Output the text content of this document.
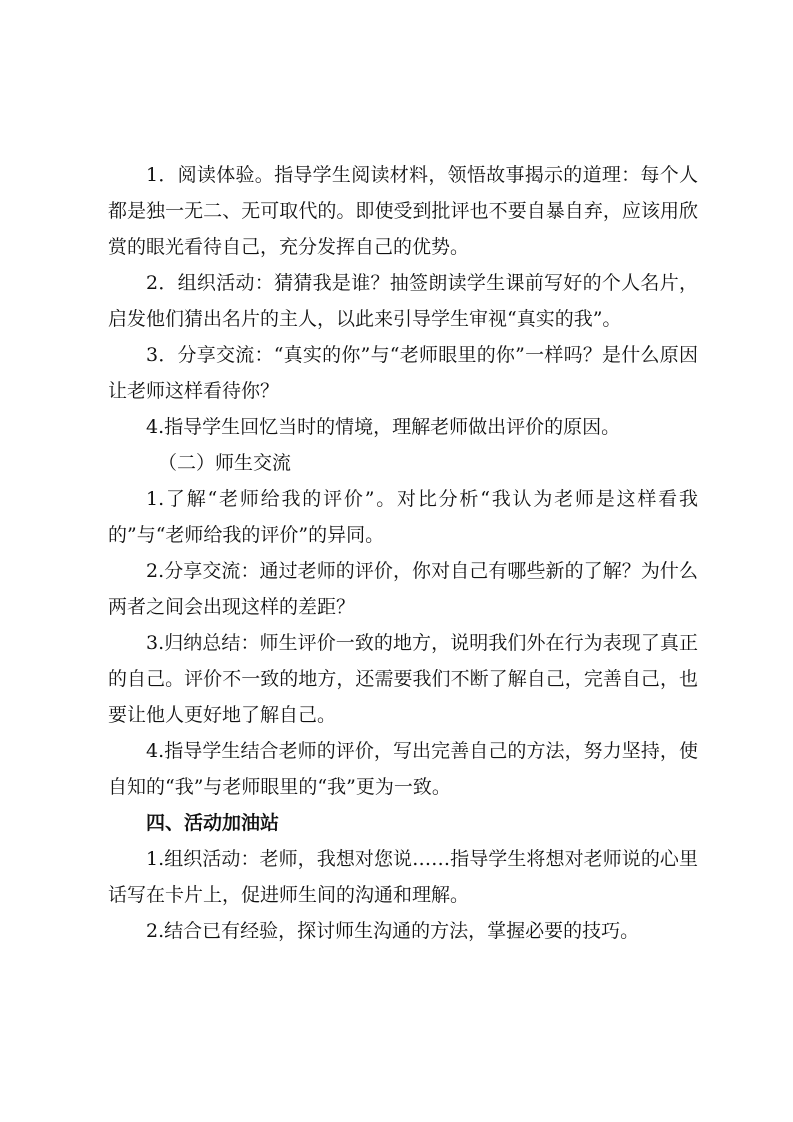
1．阅读体验。指导学生阅读材料，领悟故事揭示的道理：每个人都是独一无二、无可取代的。即使受到批评也不要自暴自弃，应该用欣赏的眼光看待自己，充分发挥自己的优势。

2．组织活动：猜猜我是谁？抽签朗读学生课前写好的个人名片，启发他们猜出名片的主人，以此来引导学生审视“真实的我”。

3．分享交流：“真实的你”与“老师眼里的你”一样吗？是什么原因让老师这样看待你？

4.指导学生回忆当时的情境，理解老师做出评价的原因。

（二）师生交流

1.了解“老师给我的评价”。对比分析“我认为老师是这样看我的”与“老师给我的评价”的异同。

2.分享交流：通过老师的评价，你对自己有哪些新的了解？为什么两者之间会出现这样的差距？

3.归纳总结：师生评价一致的地方，说明我们外在行为表现了真正的自己。评价不一致的地方，还需要我们不断了解自己，完善自己，也要让他人更好地了解自己。

4.指导学生结合老师的评价，写出完善自己的方法，努力坚持，使自知的“我”与老师眼里的“我”更为一致。

四、活动加油站

1.组织活动：老师，我想对您说……指导学生将想对老师说的心里话写在卡片上，促进师生间的沟通和理解。

2.结合已有经验，探讨师生沟通的方法，掌握必要的技巧。
